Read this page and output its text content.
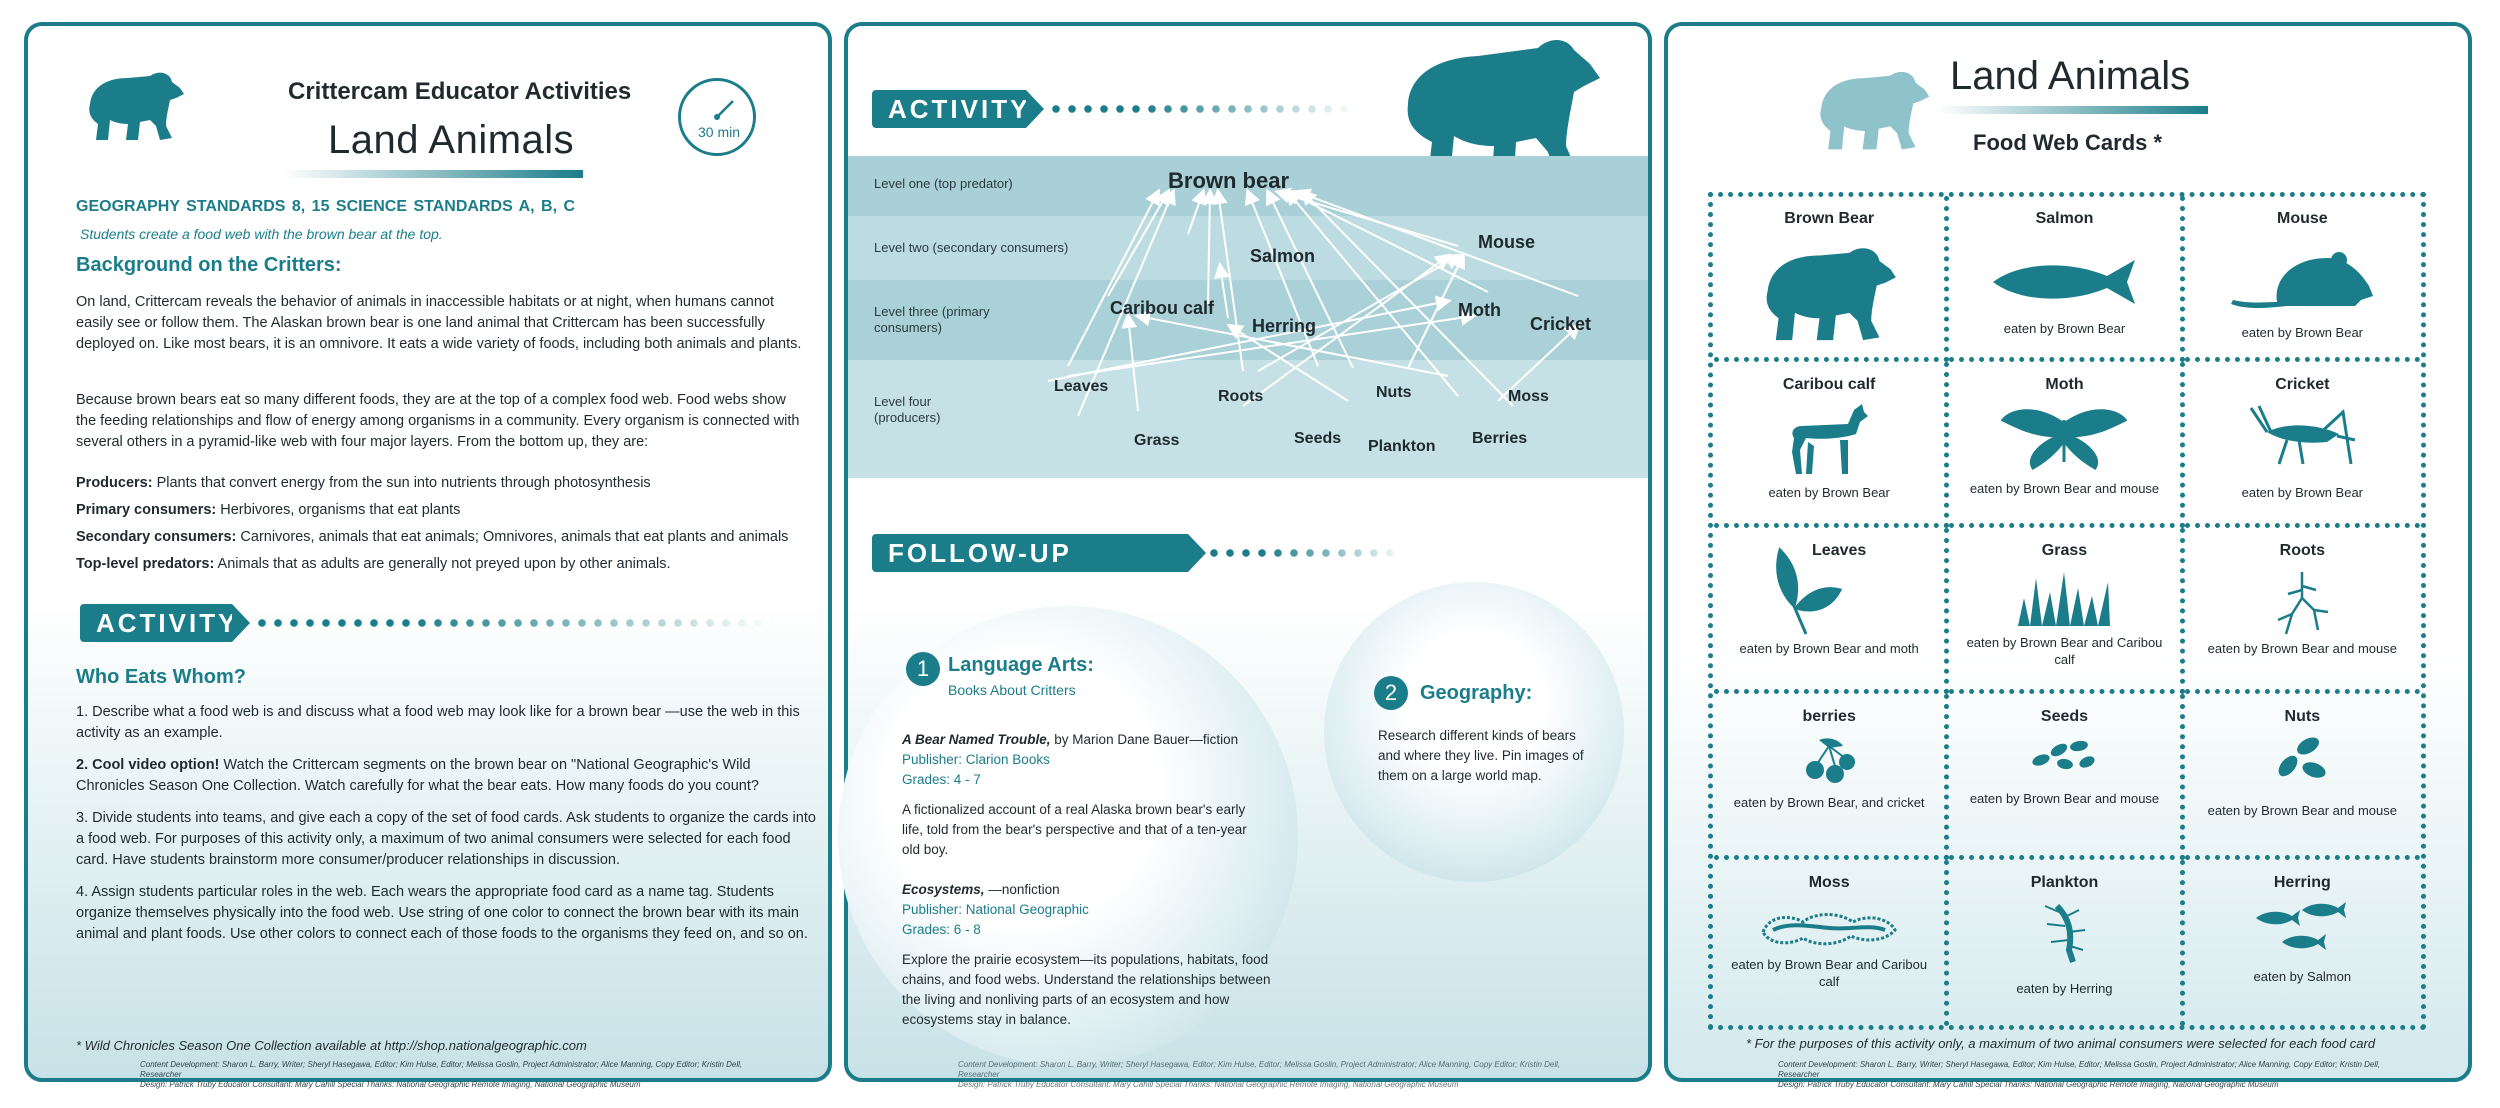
Crittercam Educator Activities
Land Animals	30 min
GEOGRAPHY STANDARDS 8, 15 SCIENCE STANDARDS A, B, C
Students create a food web with the brown bear at the top.
Background on the Critters:
On land, Crittercam reveals the behavior of animals in inaccessible habitats or at night, when humans cannot easily see or follow them. The Alaskan brown bear is one land animal that Crittercam has been successfully deployed on. Like most bears, it is an omnivore. It eats a wide variety of foods, including both animals and plants.
Because brown bears eat so many different foods, they are at the top of a complex food web. Food webs show the feeding relationships and flow of energy among organisms in a community. Every organism is connected with several others in a pyramid-like web with four major layers. From the bottom up, they are:
Producers: Plants that convert energy from the sun into nutrients through photosynthesis
Primary consumers: Herbivores, organisms that eat plants
Secondary consumers: Carnivores, animals that eat animals; Omnivores, animals that eat plants and animals
Top-level predators: Animals that as adults are generally not preyed upon by other animals.
ACTIVITY
Who Eats Whom?

1. Describe what a food web is and discuss what a food web may look like for a brown bear —use the web in this activity as an example.

2. Cool video option! Watch the Crittercam segments on the brown bear on "National Geographic's Wild Chronicles Season One Collection. Watch carefully for what the bear eats. How many foods do you count?

3. Divide students into teams, and give each a copy of the set of food cards. Ask students to organize the cards into a food web. For purposes of this activity only, a maximum of two animal consumers were selected for each food card. Have students brainstorm more consumer/producer relationships in discussion.

4. Assign students particular roles in the web. Each wears the appropriate food card as a name tag. Students organize themselves physically into the food web. Use string of one color to connect the brown bear with its main animal and plant foods. Use other colors to connect each of those foods to the organisms they feed on, and so on.

* Wild Chronicles Season One Collection available at http://shop.nationalgeographic.com
Content Development: Sharon L. Barry, Writer; Sheryl Hasegawa, Editor; Kim Hulse, Editor; Melissa Goslin, Project Administrator; Alice Manning, Copy Editor; Kristin Dell, Researcher
Design: Patrick Truby Educator Consultant: Mary Cahill Special Thanks: National Geographic Remote Imaging, National Geographic Museum
ACTIVITY
Level one (top predator)
Level two (secondary consumers)
Level three (primary consumers)
Level four (producers)
Brown bear
Salmon
Mouse
Caribou calf
Herring
Moth
Cricket
Leaves
Roots	Nuts	Moss
Grass	Seeds Plankton Berries
FOLLOW-UP ACTIVITIES
1 Language Arts:
Books About Critters
A Bear Named Trouble, by Marion Dane Bauer—fiction
Publisher: Clarion Books
Grades: 4 - 7
A fictionalized account of a real Alaska brown bear's early life, told from the bear's perspective and that of a ten-year old boy.
Ecosystems, —nonfiction
Publisher: National Geographic
Grades: 6 - 8
Explore the prairie ecosystem—its populations, habitats, food chains, and food webs. Understand the relationships between the living and nonliving parts of an ecosystem and how ecosystems stay in balance.
2	Geography:
Research different kinds of bears and where they live. Pin images of them on a large world map.
Content Development: Sharon L. Barry, Writer; Sheryl Hasegawa, Editor; Kim Hulse, Editor; Melissa Goslin, Project Administrator; Alice Manning, Copy Editor; Kristin Dell, Researcher
Design: Patrick Truby Educator Consultant: Mary Cahill Special Thanks: National Geographic Remote Imaging, National Geographic Museum
Land Animals
Food Web Cards *
Brown Bear	Salmon
eaten by Brown Bear
Mouse
eaten by Brown Bear
Caribou calf
eaten by Brown Bear
Moth
eaten by Brown Bear and mouse
Cricket
eaten by Brown Bear
Leaves
eaten by Brown Bear and moth
Grass
eaten by Brown Bear and Caribou calf
Roots
eaten by Brown Bear and mouse
berries
eaten by Brown Bear, and cricket
Seeds
eaten by Brown Bear and mouse
Nuts
eaten by Brown Bear and mouse
Moss
eaten by Brown Bear and Caribou calf
Plankton
eaten by Herring
Herring
eaten by Salmon
* For the purposes of this activity only, a maximum of two animal consumers were selected for each food card
Content Development: Sharon L. Barry, Writer; Sheryl Hasegawa, Editor; Kim Hulse, Editor; Melissa Goslin, Project Administrator; Alice Manning, Copy Editor; Kristin Dell, Researcher
Design: Patrick Truby Educator Consultant: Mary Cahill Special Thanks: National Geographic Remote Imaging, National Geographic Museum
